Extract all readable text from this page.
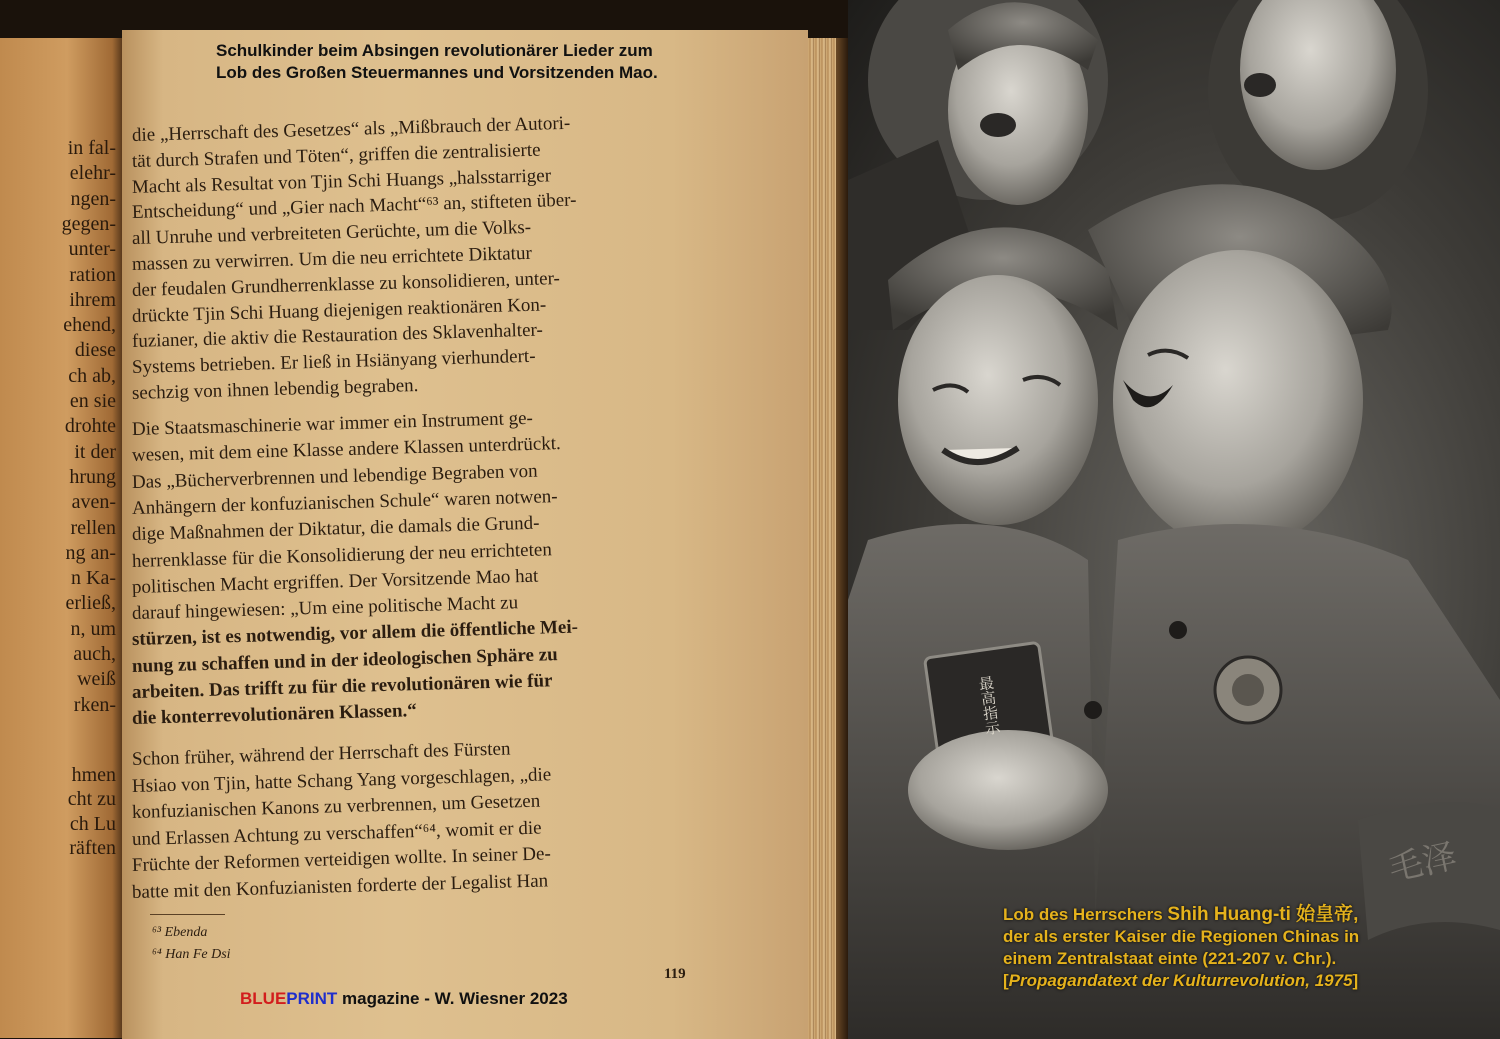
in fal-
elehr-
ngen-
gegen-
unter-
ration
ihrem
ehend,
diese
ch ab,
en sie
drohte
it der
hrung
aven-
rellen
ng an-
n Ka-
erließ,
n, um
auch,
weiß
rken-
hmen
cht zu
ch Lu
räften
die „Herrschaft des Gesetzes“ als „Mißbrauch der Autori-
tät durch Strafen und Töten“, griffen die zentralisierte
Macht als Resultat von Tjin Schi Huangs „halsstarriger
Entscheidung“ und „Gier nach Macht“⁶³ an, stifteten über-
all Unruhe und verbreiteten Gerüchte, um die Volks-
massen zu verwirren. Um die neu errichtete Diktatur
der feudalen Grundherrenklasse zu konsolidieren, unter-
drückte Tjin Schi Huang diejenigen reaktionären Kon-
fuzianer, die aktiv die Restauration des Sklavenhalter-
Systems betrieben. Er ließ in Hsiänyang vierhundert-
sechzig von ihnen lebendig begraben.
Die Staatsmaschinerie war immer ein Instrument ge-
wesen, mit dem eine Klasse andere Klassen unterdrückt.
Das „Bücherverbrennen und lebendige Begraben von
Anhängern der konfuzianischen Schule“ waren notwen-
dige Maßnahmen der Diktatur, die damals die Grund-
herrenklasse für die Konsolidierung der neu errichteten
politischen Macht ergriffen. Der Vorsitzende Mao hat
darauf hingewiesen: „Um eine politische Macht zu
stürzen, ist es notwendig, vor allem die öffentliche Mei-
nung zu schaffen und in der ideologischen Sphäre zu
arbeiten. Das trifft zu für die revolutionären wie für
die konterrevolutionären Klassen.“
Schon früher, während der Herrschaft des Fürsten
Hsiao von Tjin, hatte Schang Yang vorgeschlagen, „die
konfuzianischen Kanons zu verbrennen, um Gesetzen
und Erlassen Achtung zu verschaffen“⁶⁴, womit er die
Früchte der Reformen verteidigen wollte. In seiner De-
batte mit den Konfuzianisten forderte der Legalist Han
⁶³ Ebenda
⁶⁴ Han Fe Dsi
119
最高指示
毛泽
Schulkinder beim Absingen revolutionärer Lieder zum
Lob des Großen Steuermannes und Vorsitzenden Mao.
Lob des Herrschers Shih Huang-ti 始皇帝,
der als erster Kaiser die Regionen Chinas in
einem Zentralstaat einte (221-207 v. Chr.).
[Propagandatext der Kulturrevolution, 1975]
BLUEPRINT magazine - W. Wiesner 2023
